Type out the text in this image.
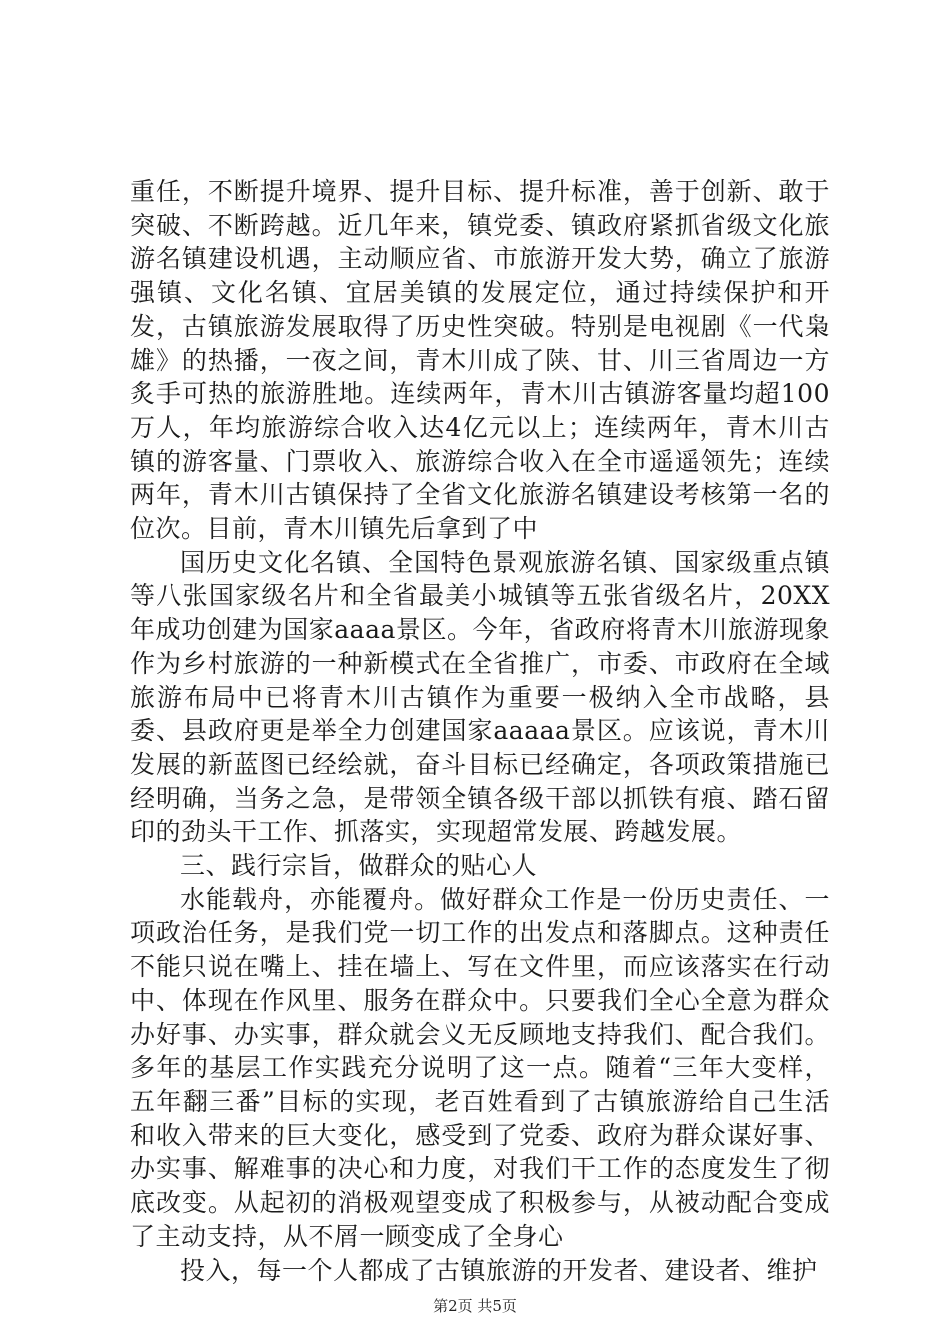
重任，不断提升境界、提升目标、提升标准，善于创新、敢于突破、不断跨越。近几年来，镇党委、镇政府紧抓省级文化旅游名镇建设机遇，主动顺应省、市旅游开发大势，确立了旅游强镇、文化名镇、宜居美镇的发展定位，通过持续保护和开发，古镇旅游发展取得了历史性突破。特别是电视剧《一代枭雄》的热播，一夜之间，青木川成了陕、甘、川三省周边一方炙手可热的旅游胜地。连续两年，青木川古镇游客量均超100万人，年均旅游综合收入达4亿元以上；连续两年，青木川古镇的游客量、门票收入、旅游综合收入在全市遥遥领先；连续两年，青木川古镇保持了全省文化旅游名镇建设考核第一名的位次。目前，青木川镇先后拿到了中

国历史文化名镇、全国特色景观旅游名镇、国家级重点镇等八张国家级名片和全省最美小城镇等五张省级名片，20XX年成功创建为国家aaaa景区。今年，省政府将青木川旅游现象作为乡村旅游的一种新模式在全省推广，市委、市政府在全域旅游布局中已将青木川古镇作为重要一极纳入全市战略，县委、县政府更是举全力创建国家aaaaa景区。应该说，青木川发展的新蓝图已经绘就，奋斗目标已经确定，各项政策措施已经明确，当务之急，是带领全镇各级干部以抓铁有痕、踏石留印的劲头干工作、抓落实，实现超常发展、跨越发展。

三、践行宗旨，做群众的贴心人

水能载舟，亦能覆舟。做好群众工作是一份历史责任、一项政治任务，是我们党一切工作的出发点和落脚点。这种责任不能只说在嘴上、挂在墙上、写在文件里，而应该落实在行动中、体现在作风里、服务在群众中。只要我们全心全意为群众办好事、办实事，群众就会义无反顾地支持我们、配合我们。多年的基层工作实践充分说明了这一点。随着“三年大变样，五年翻三番”目标的实现，老百姓看到了古镇旅游给自己生活和收入带来的巨大变化，感受到了党委、政府为群众谋好事、办实事、解难事的决心和力度，对我们干工作的态度发生了彻底改变。从起初的消极观望变成了积极参与，从被动配合变成了主动支持，从不屑一顾变成了全身心

投入，每一个人都成了古镇旅游的开发者、建设者、维护

第2页 共5页
